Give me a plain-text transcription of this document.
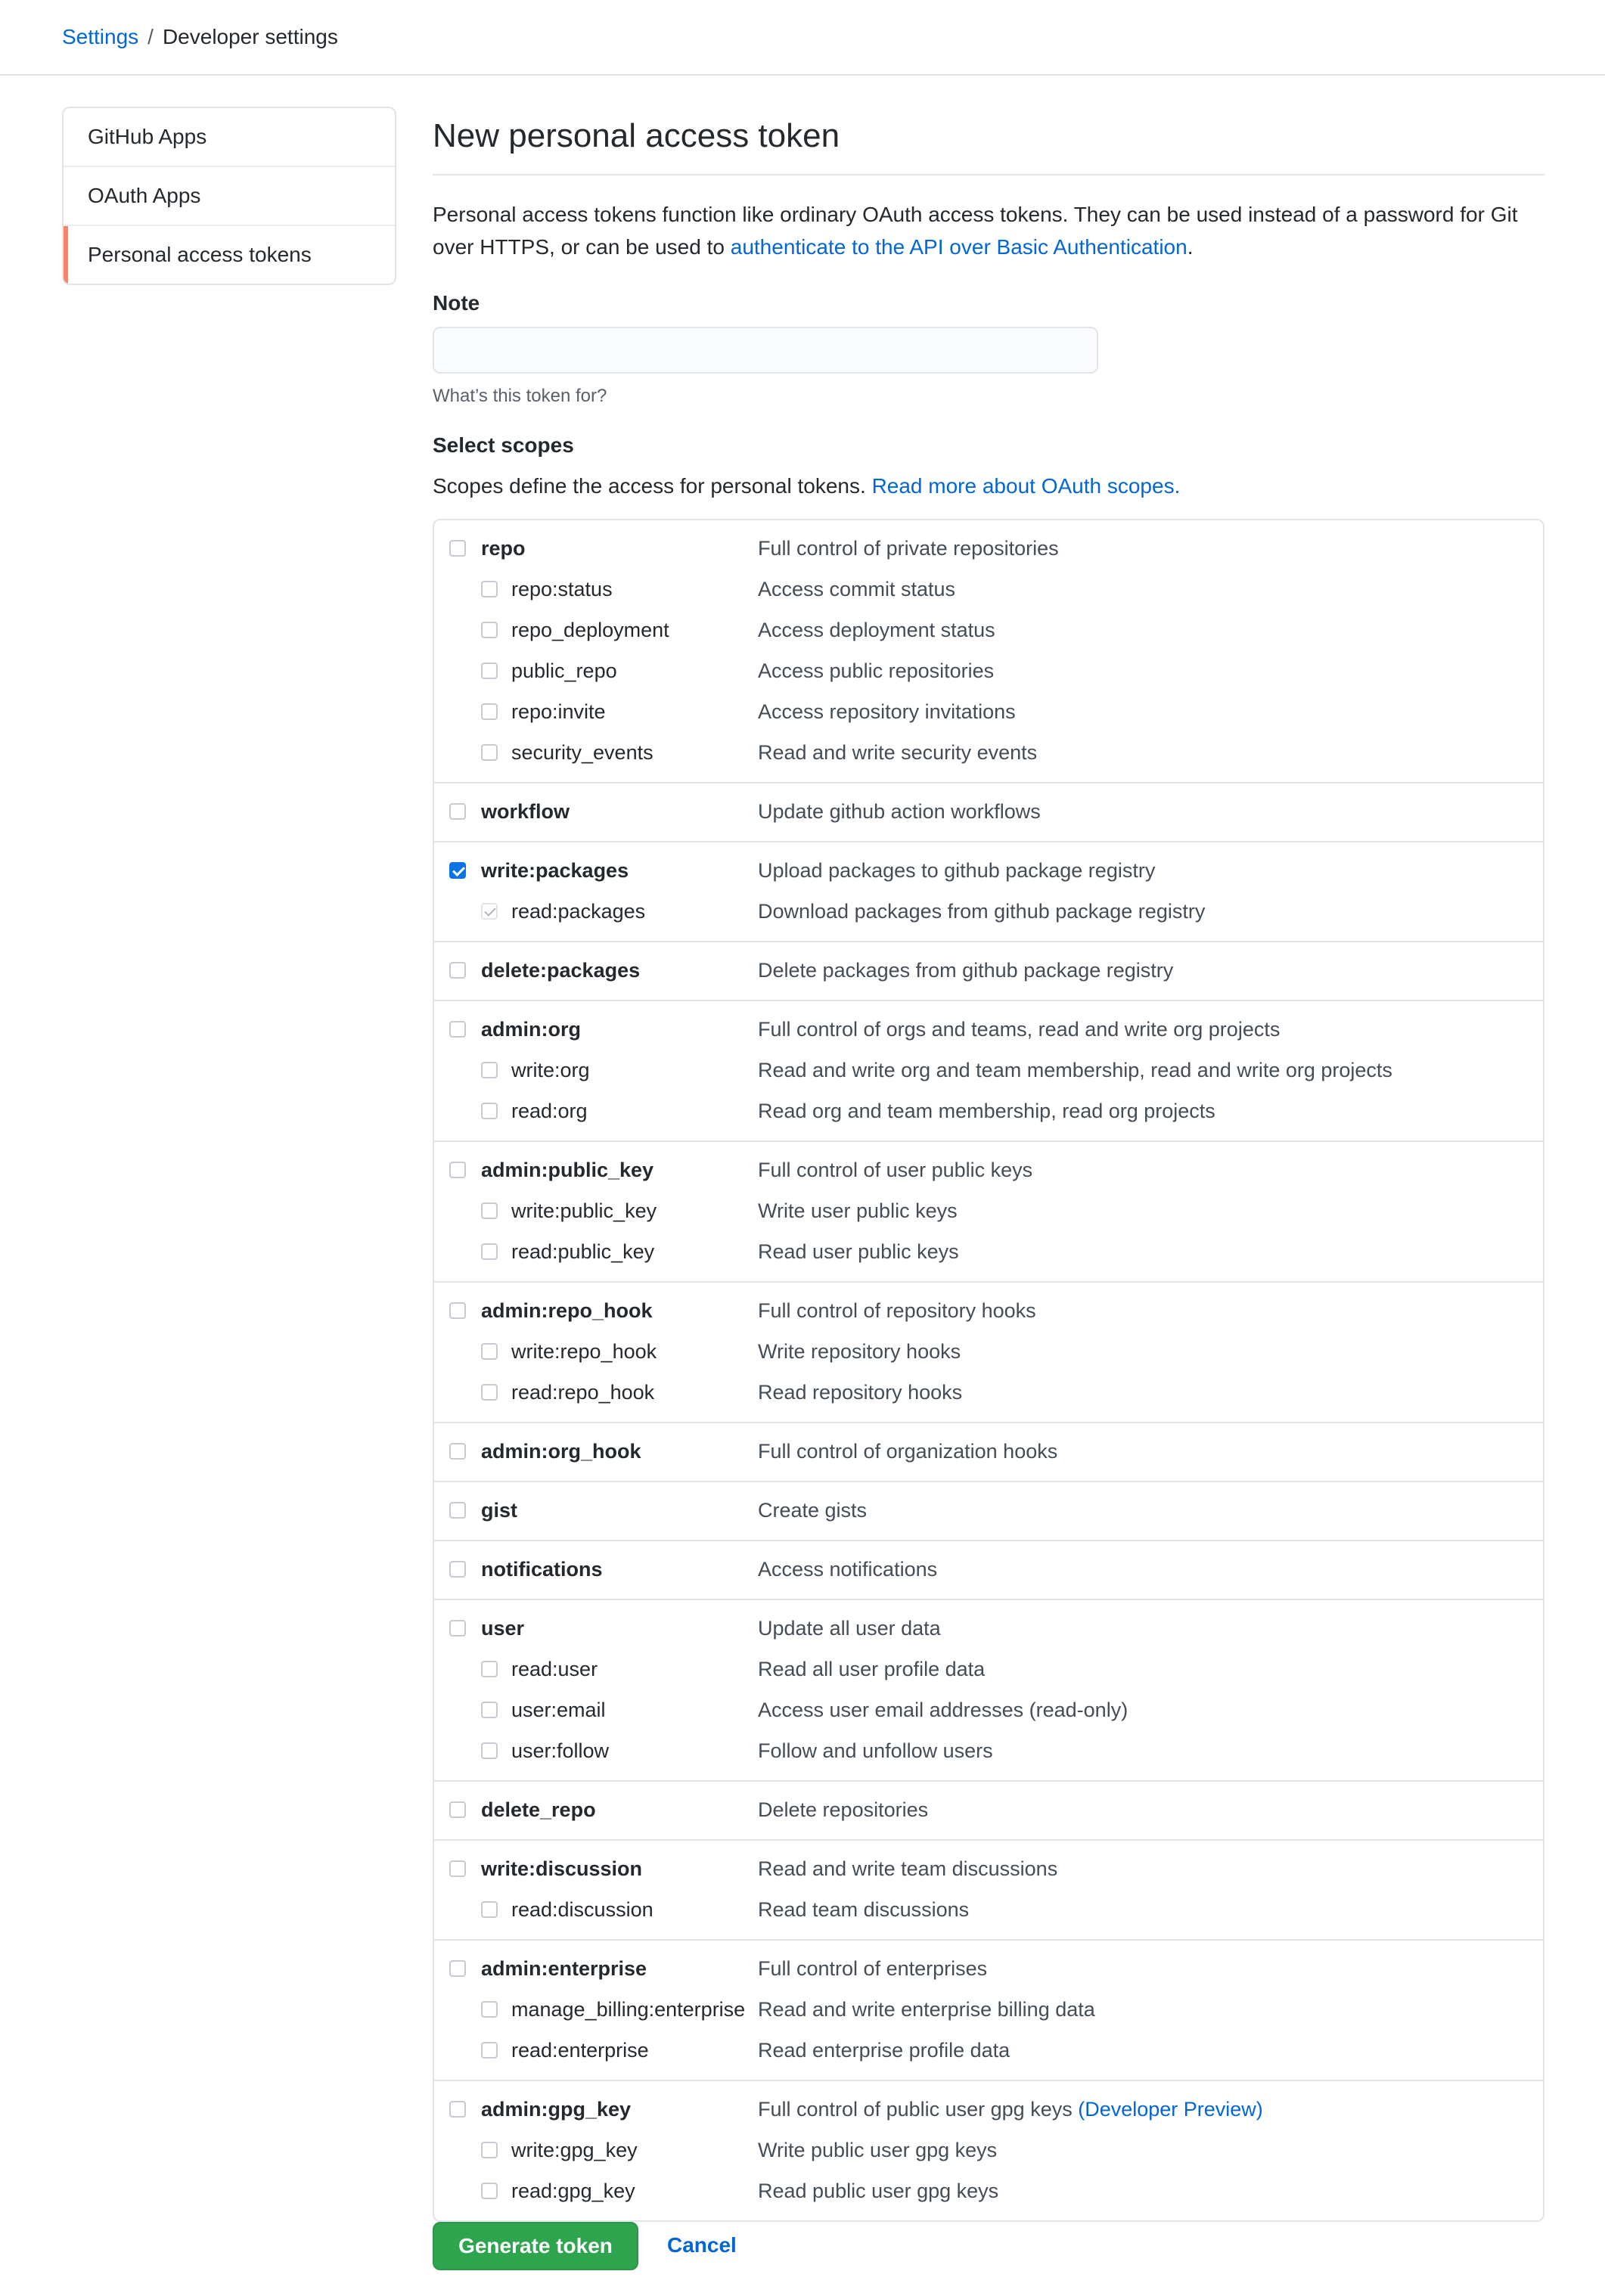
Settings / Developer settings
GitHub Apps
OAuth Apps
Personal access tokens
New personal access token

Personal access tokens function like ordinary OAuth access tokens. They can be used instead of a password for Git over HTTPS, or can be used to authenticate to the API over Basic Authentication.

Note
What’s this token for?
Select scopes
Scopes define the access for personal tokens. Read more about OAuth scopes.
repo	Full control of private repositories
repo:status	Access commit status
repo_deployment	Access deployment status
public_repo	Access public repositories
repo:invite	Access repository invitations
security_events	Read and write security events
workflow	Update github action workflows
write:packages	Upload packages to github package registry
read:packages	Download packages from github package registry
delete:packages	Delete packages from github package registry
admin:org	Full control of orgs and teams, read and write org projects
write:org	Read and write org and team membership, read and write org projects
read:org	Read org and team membership, read org projects
admin:public_key	Full control of user public keys
write:public_key	Write user public keys
read:public_key	Read user public keys
admin:repo_hook	Full control of repository hooks
write:repo_hook	Write repository hooks
read:repo_hook	Read repository hooks
admin:org_hook	Full control of organization hooks
gist	Create gists
notifications	Access notifications
user	Update all user data
read:user	Read all user profile data
user:email	Access user email addresses (read-only)
user:follow	Follow and unfollow users
delete_repo	Delete repositories
write:discussion	Read and write team discussions
read:discussion	Read team discussions
admin:enterprise	Full control of enterprises
manage_billing:enterprise Read and write enterprise billing data
read:enterprise	Read enterprise profile data
admin:gpg_key	Full control of public user gpg keys (Developer Preview)
write:gpg_key	Write public user gpg keys
read:gpg_key	Read public user gpg keys
Generate token	Cancel
